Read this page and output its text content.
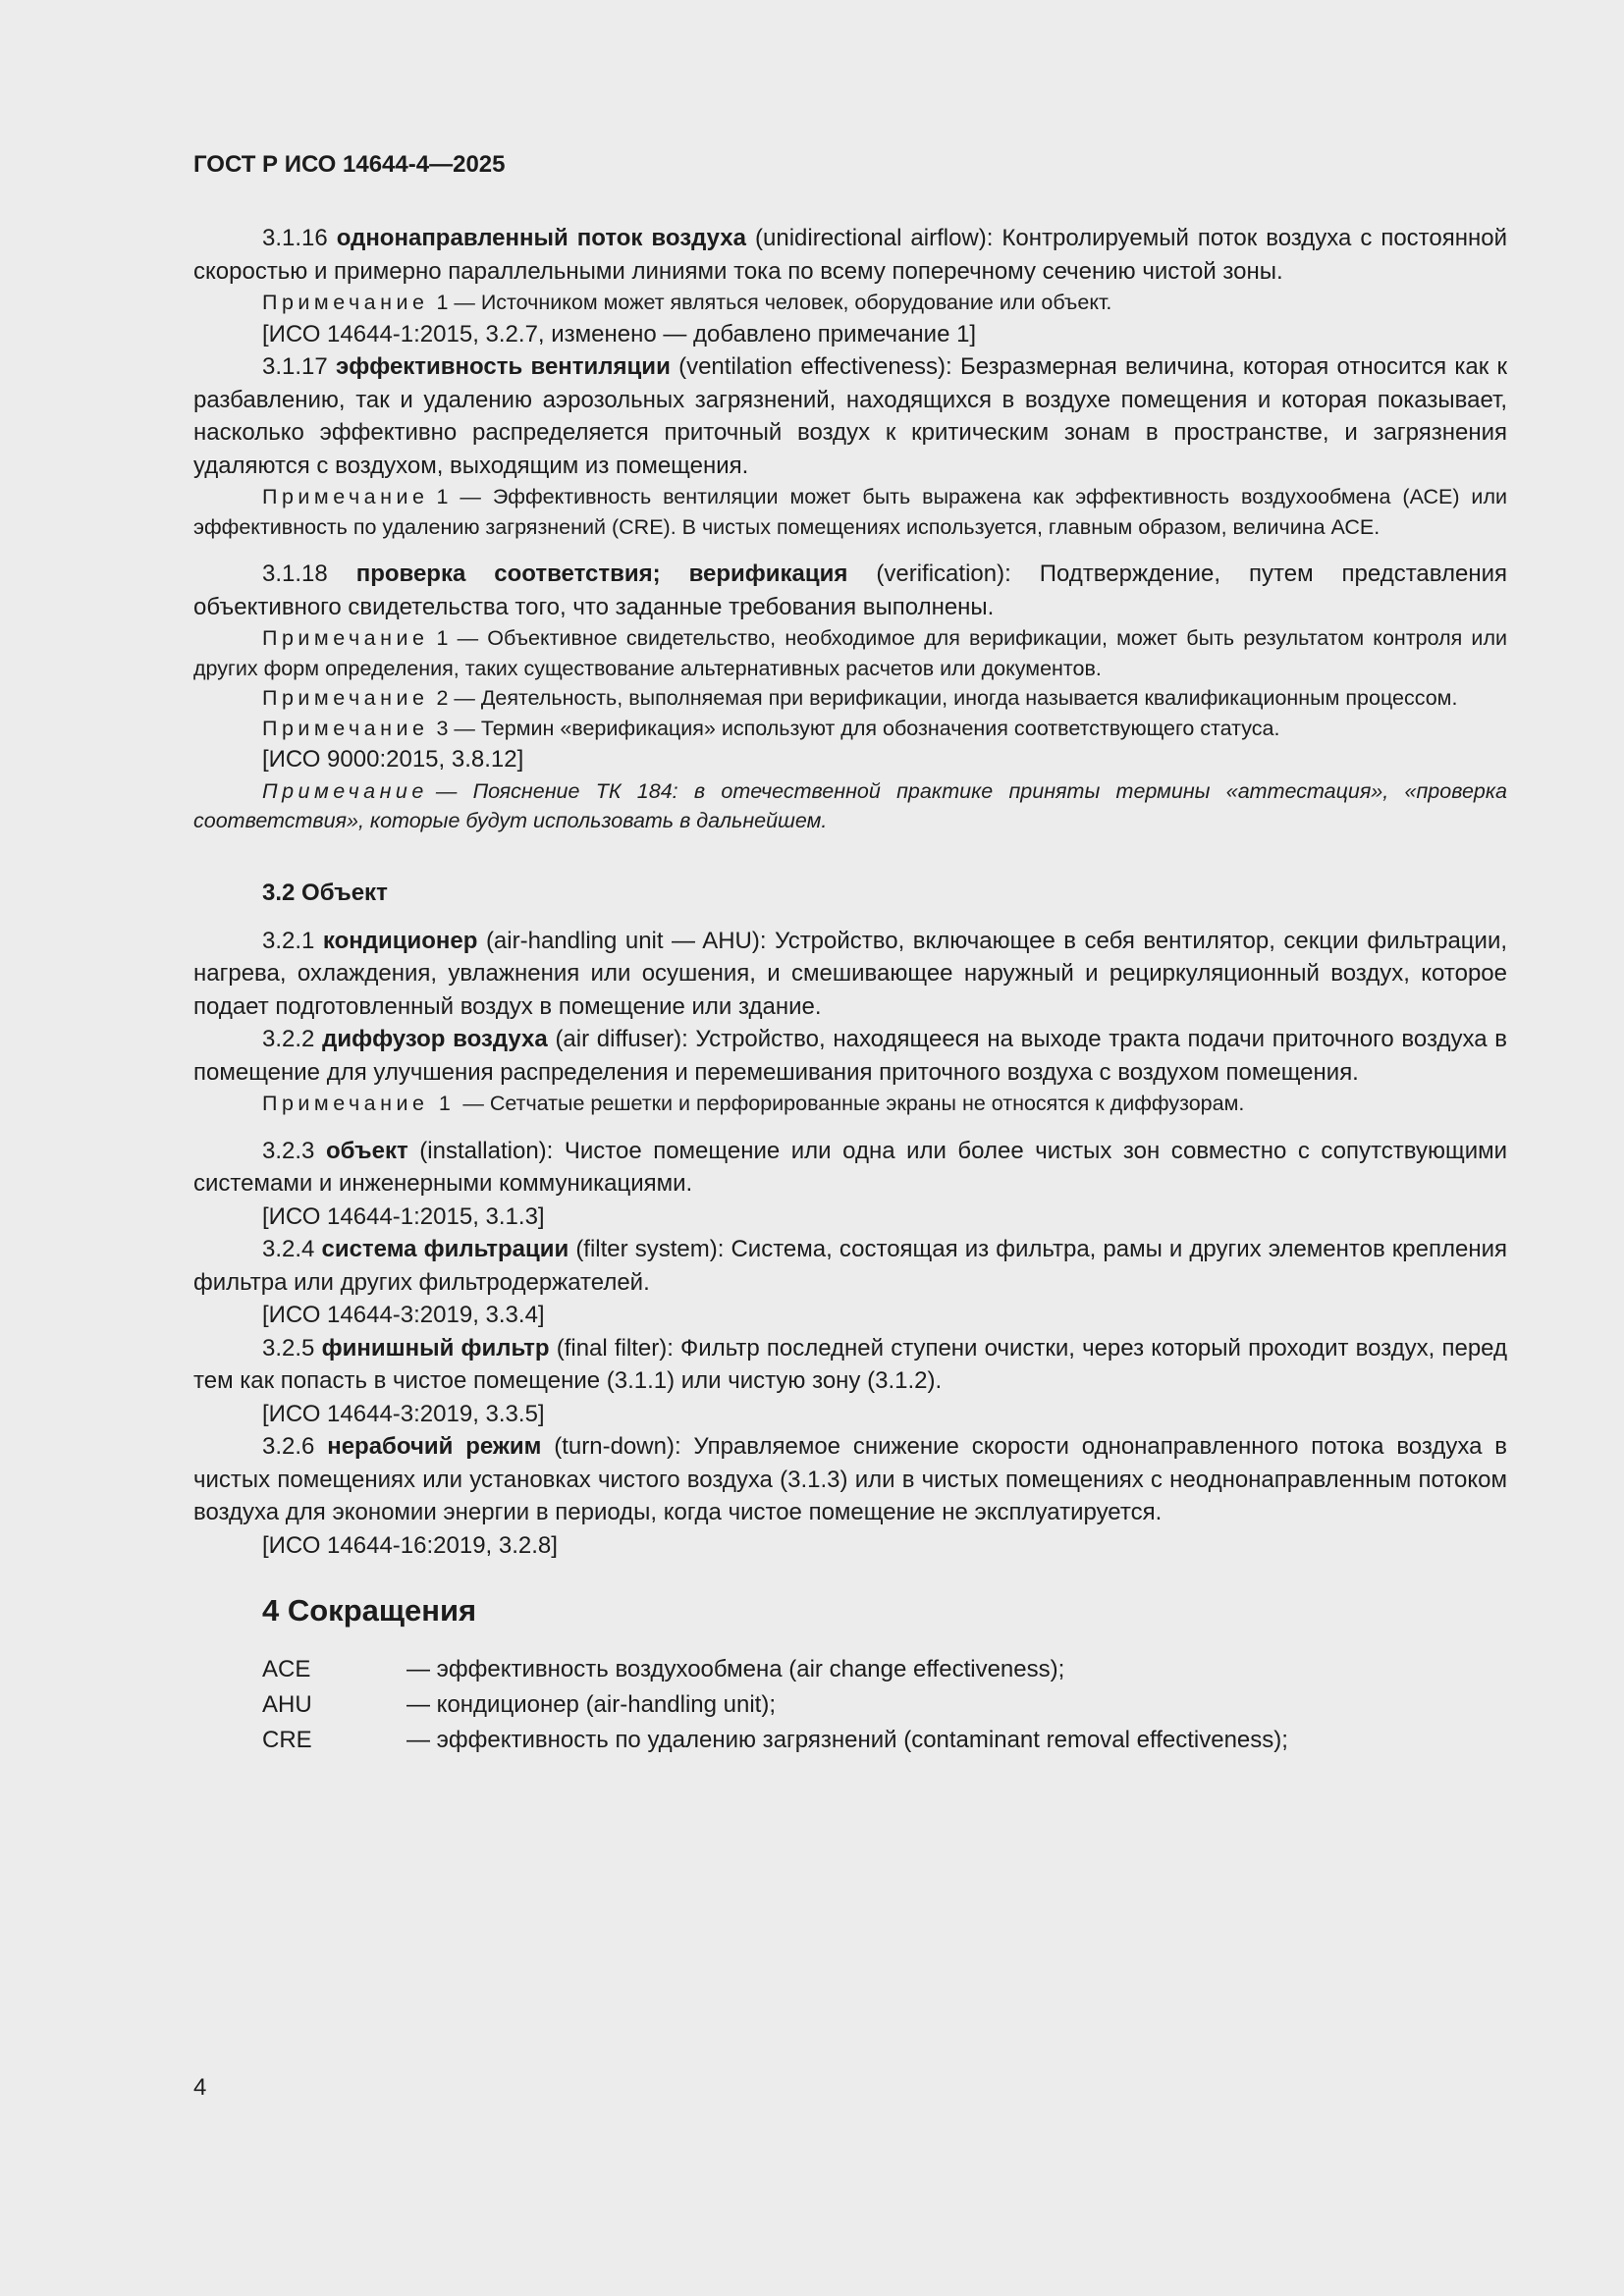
ГОСТ Р ИСО 14644-4—2025

3.1.16 однонаправленный поток воздуха (unidirectional airflow): Контролируемый поток воздуха с постоянной скоростью и примерно параллельными линиями тока по всему поперечному сечению чистой зоны.

Примечание 1 — Источником может являться человек, оборудование или объект.

[ИСО 14644-1:2015, 3.2.7, изменено — добавлено примечание 1]

3.1.17 эффективность вентиляции (ventilation effectiveness): Безразмерная величина, которая относится как к разбавлению, так и удалению аэрозольных загрязнений, находящихся в воздухе помещения и которая показывает, насколько эффективно распределяется приточный воздух к критическим зонам в пространстве, и загрязнения удаляются с воздухом, выходящим из помещения.

Примечание 1 — Эффективность вентиляции может быть выражена как эффективность воздухообмена (АСЕ) или эффективность по удалению загрязнений (CRE). В чистых помещениях используется, главным образом, величина АСЕ.

3.1.18 проверка соответствия; верификация (verification): Подтверждение, путем представления объективного свидетельства того, что заданные требования выполнены.

Примечание 1 — Объективное свидетельство, необходимое для верификации, может быть результатом контроля или других форм определения, таких существование альтернативных расчетов или документов.

Примечание 2 — Деятельность, выполняемая при верификации, иногда называется квалификационным процессом.

Примечание 3 — Термин «верификация» используют для обозначения соответствующего статуса.

[ИСО 9000:2015, 3.8.12]

Примечание — Пояснение ТК 184: в отечественной практике приняты термины «аттестация», «проверка соответствия», которые будут использовать в дальнейшем.

3.2 Объект

3.2.1 кондиционер (air-handling unit — AHU): Устройство, включающее в себя вентилятор, секции фильтрации, нагрева, охлаждения, увлажнения или осушения, и смешивающее наружный и рециркуляционный воздух, которое подает подготовленный воздух в помещение или здание.

3.2.2 диффузор воздуха (air diffuser): Устройство, находящееся на выходе тракта подачи приточного воздуха в помещение для улучшения распределения и перемешивания приточного воздуха с воздухом помещения.

Примечание 1 — Сетчатые решетки и перфорированные экраны не относятся к диффузорам.

3.2.3 объект (installation): Чистое помещение или одна или более чистых зон совместно с сопутствующими системами и инженерными коммуникациями.

[ИСО 14644-1:2015, 3.1.3]

3.2.4 система фильтрации (filter system): Система, состоящая из фильтра, рамы и других элементов крепления фильтра или других фильтродержателей.

[ИСО 14644-3:2019, 3.3.4]

3.2.5 финишный фильтр (final filter): Фильтр последней ступени очистки, через который проходит воздух, перед тем как попасть в чистое помещение (3.1.1) или чистую зону (3.1.2).

[ИСО 14644-3:2019, 3.3.5]

3.2.6 нерабочий режим (turn-down): Управляемое снижение скорости однонаправленного потока воздуха в чистых помещениях или установках чистого воздуха (3.1.3) или в чистых помещениях с неоднонаправленным потоком воздуха для экономии энергии в периоды, когда чистое помещение не эксплуатируется.

[ИСО 14644-16:2019, 3.2.8]

4 Сокращения
ACE	— эффективность воздухообмена (air change effectiveness);
AHU	— кондиционер (air-handling unit);
CRE	— эффективность по удалению загрязнений (contaminant removal effectiveness);
4
